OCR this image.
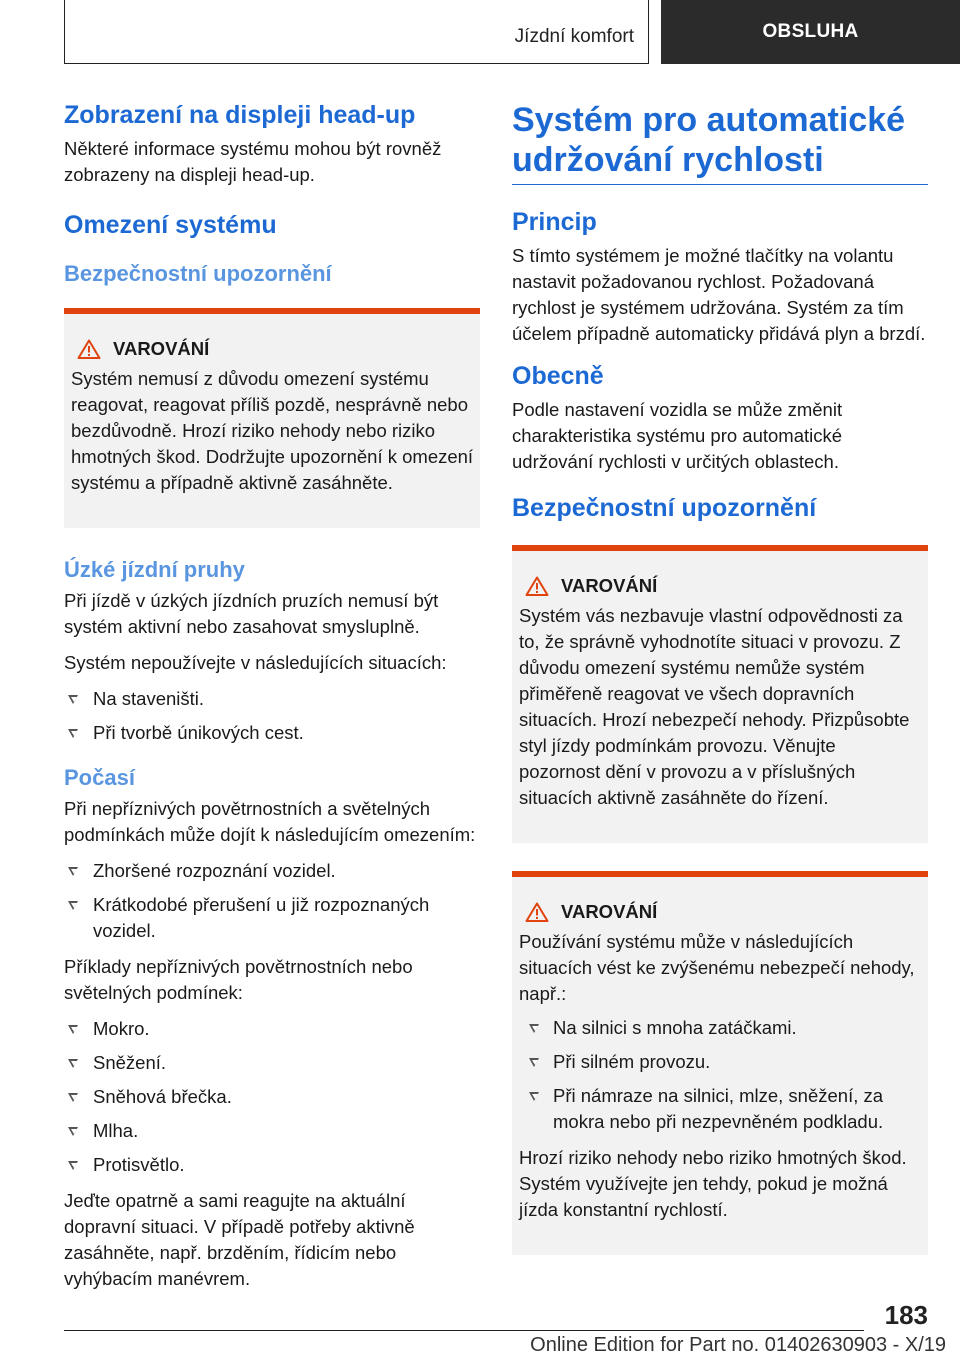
Jízdní komfort	OBSLUHA
Zobrazení na displeji head-up

Některé informace systému mohou být rovněž zobrazeny na displeji head-up.

Omezení systému
Bezpečnostní upozornění
VAROVÁNÍ

Systém nemusí z důvodu omezení systému reagovat, reagovat příliš pozdě, nesprávně nebo bezdůvodně. Hrozí riziko nehody nebo riziko hmotných škod. Dodržujte upozornění k omezení systému a případně aktivně zasáhněte.

Úzké jízdní pruhy

Při jízdě v úzkých jízdních pruzích nemusí být systém aktivní nebo zasahovat smysluplně.

Systém nepoužívejte v následujících situacích:

Na staveništi.
Při tvorbě únikových cest.
Počasí

Při nepříznivých povětrnostních a světelných podmínkách může dojít k následujícím omezením:

Zhoršené rozpoznání vozidel.
Krátkodobé přerušení u již rozpoznaných vozidel.

Příklady nepříznivých povětrnostních nebo světelných podmínek:

Mokro.
Sněžení.
Sněhová břečka.
Mlha.
Protisvětlo.

Jeďte opatrně a sami reagujte na aktuální dopravní situaci. V případě potřeby aktivně zasáhněte, např. brzděním, řídicím nebo vyhýbacím manévrem.

Systém pro automatické udržování rychlosti
Princip

S tímto systémem je možné tlačítky na volantu nastavit požadovanou rychlost. Požadovaná rychlost je systémem udržována. Systém za tím účelem případně automaticky přidává plyn a brzdí.

Obecně

Podle nastavení vozidla se může změnit charakteristika systému pro automatické udržování rychlosti v určitých oblastech.

Bezpečnostní upozornění
VAROVÁNÍ

Systém vás nezbavuje vlastní odpovědnosti za to, že správně vyhodnotíte situaci v provozu. Z důvodu omezení systému nemůže systém přiměřeně reagovat ve všech dopravních situacích. Hrozí nebezpečí nehody. Přizpůsobte styl jízdy podmínkám provozu. Věnujte pozornost dění v provozu a v příslušných situacích aktivně zasáhněte do řízení.

VAROVÁNÍ

Používání systému může v následujících situacích vést ke zvýšenému nebezpečí nehody, např.:

Na silnici s mnoha zatáčkami.
Při silném provozu.
Při námraze na silnici, mlze, sněžení, za mokra nebo při nezpevněném podkladu.

Hrozí riziko nehody nebo riziko hmotných škod. Systém využívejte jen tehdy, pokud je možná jízda konstantní rychlostí.

183
Online Edition for Part no. 01402630903 - X/19
